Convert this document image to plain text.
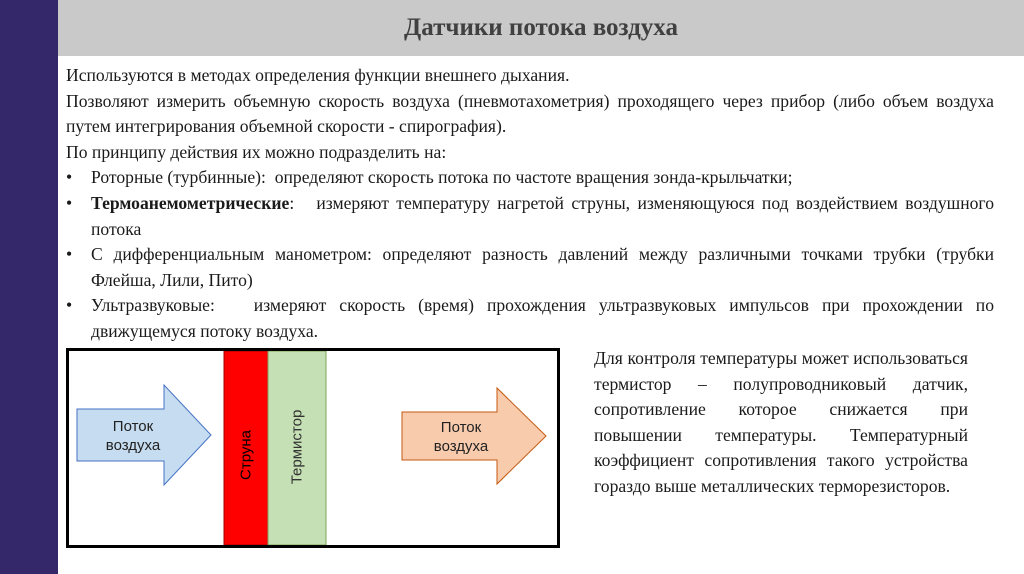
Датчики потока воздуха

Используются в методах определения функции внешнего дыхания.

Позволяют измерить объемную скорость воздуха (пневмотахометрия) проходящего через прибор (либо объем воздуха путем интегрирования объемной скорости - спирография).

По принципу действия их можно подразделить на:

• Роторные (турбинные):  определяют скорость потока по частоте вращения зонда-крыльчатки;
• Термоанемометрические:   измеряют температуру нагретой струны, изменяющуюся под воздействием воздушного потока
• С дифференциальным манометром: определяют разность давлений между различными точками трубки (трубки Флейша, Лили, Пито)
• Ультразвуковые:   измеряют скорость (время) прохождения ультразвуковых импульсов при прохождении по движущемуся потоку воздуха.
Поток воздуха
Поток воздуха
Струна Термистор
Для контроля температуры может использоваться термистор – полупроводниковый датчик, сопротивление которое снижается при повышении температуры. Температурный коэффициент сопротивления такого устройства гораздо выше металлических терморезисторов.
